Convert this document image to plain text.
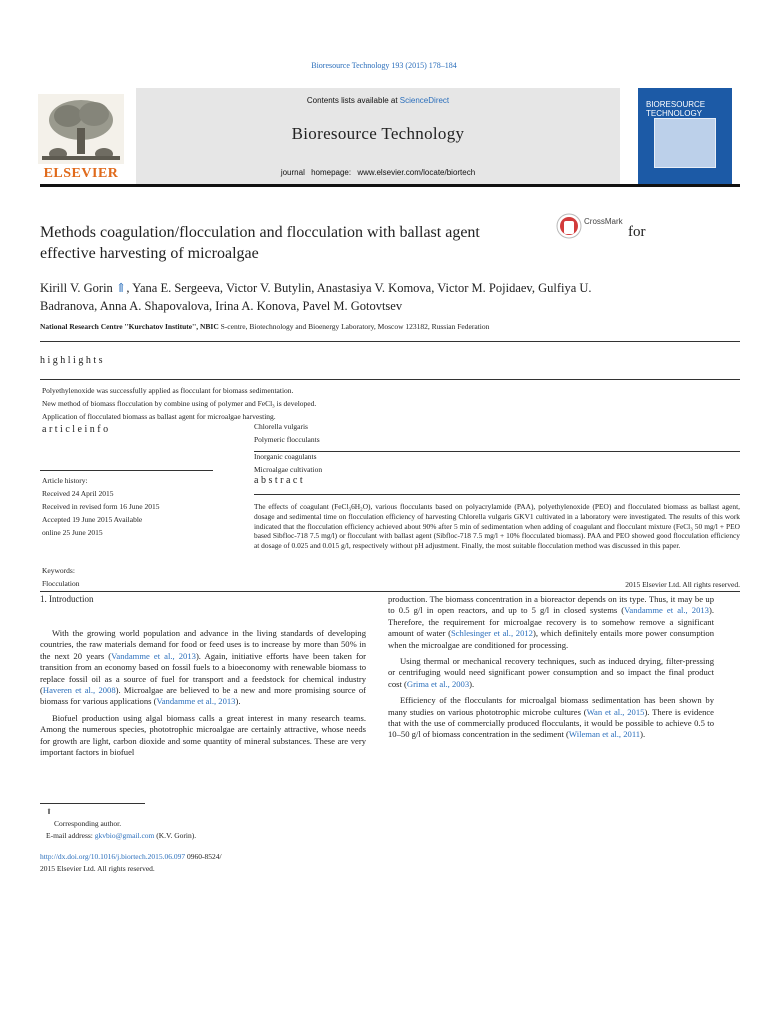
Bioresource Technology 193 (2015) 178–184
ELSEVIER
Contents lists available at ScienceDirect
Bioresource Technology
journal homepage: www.elsevier.com/locate/biortech
BIORESOURCE TECHNOLOGY
Methods coagulation/flocculation and flocculation with ballast agent
effective harvesting of microalgae
CrossMark
for
Kirill V. Gorin ⇑, Yana E. Sergeeva, Victor V. Butylin, Anastasiya V. Komova, Victor M. Pojidaev, Gulfiya U.
Badranova, Anna A. Shapovalova, Irina A. Konova, Pavel M. Gotovtsev
National Research Centre ''Kurchatov Institute'', NBIC S-centre, Biotechnology and Bioenergy Laboratory, Moscow 123182, Russian Federation
highlights
Polyethylenoxide was successfully applied as flocculant for biomass sedimentation.
New method of biomass flocculation by combine using of polymer and FeCl₃ is developed.
Application of flocculated biomass as ballast agent for microalgae harvesting.
articleinfo
Article history:
Received 24 April 2015
Received in revised form 16 June 2015
Accepted 19 June 2015 Available
online 25 June 2015
Keywords:
Flocculation
Chlorella vulgaris
Polymeric flocculants
Inorganic coagulants
Microalgae cultivation
abstract
The effects of coagulant (FeCl₃6H₂O), various flocculants based on polyacrylamide (PAA), polyethylenoxide (PEO) and flocculated biomass as ballast agent, dosage and sedimental time on flocculation efficiency of harvesting Chlorella vulgaris GKV1 cultivated in a laboratory were investigated. The results of this work indicated that the flocculation efficiency achieved about 90% after 5 min of sedimentation when adding of coagulant and flocculant mixture (FeCl₃ 50 mg/l + PEO based Sibfloc-718 7.5 mg/l) or flocculant with ballast agent (Sibfloc-718 7.5 mg/l + 10% flocculated biomass). PAA and PEO showed good flocculation efficiency at dosage of 0.025 and 0.015 g/l, respectively without pH adjustment. Finally, the most suitable flocculation method was discussed in this paper.
2015 Elsevier Ltd. All rights reserved.
1. Introduction

With the growing world population and advance in the living standards of developing countries, the raw materials demand for food or feed uses is to increase by more than 50% in the next 20 years (Vandamme et al., 2013). Again, initiative efforts have been taken for transition from an economy based on fossil fuels to a bioeconomy with renewable biomass to replace fossil oil as a source of fuel for transport and a feedstock for chemical industry (Haveren et al., 2008). Microalgae are believed to be a new and more promising source of biomass for various applications (Vandamme et al., 2013).

Biofuel production using algal biomass calls a great interest in many research teams. Among the numerous species, phototrophic microalgae are certainly attractive, whose needs for growth are light, carbon dioxide and some quantity of mineral substances. These are very important factors in biofuel

production. The biomass concentration in a bioreactor depends on its type. Thus, it may be up to 0.5 g/l in open reactors, and up to 5 g/l in closed systems (Vandamme et al., 2013). Therefore, the requirement for microalgae recovery is to somehow remove a significant amount of water (Schlesinger et al., 2012), which definitely entails more power consumption when the microalgae are conditioned for processing.

Using thermal or mechanical recovery techniques, such as induced drying, filter-pressing or centrifuging would need significant power consumption and so impact the final product cost (Grima et al., 2003).

Efficiency of the flocculants for microalgal biomass sedimentation has been shown by many studies on various phototrophic microbe cultures (Wan et al., 2015). There is evidence that with the use of commercially produced flocculants, it would be possible to achieve 0.5 to 10–50 g/l of biomass concentration in the sediment (Wileman et al., 2011).

⇑
Corresponding author.
E-mail address: gkvbio@gmail.com (K.V. Gorin).
http://dx.doi.org/10.1016/j.biortech.2015.06.097 0960-8524/
2015 Elsevier Ltd. All rights reserved.
